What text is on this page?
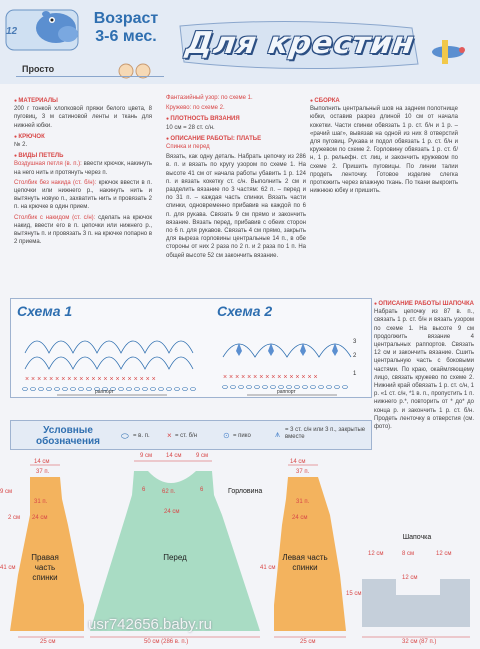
12
Возраст
3-6 мес. Для крестин
Просто
● МАТЕРИАЛЫ

200 г тонкой хлопковой пряжи белого цвета, 8 пуговиц, 3 м сатиновой ленты и ткань для нижней юбки.

● КРЮЧОК

№ 2.

● ВИДЫ ПЕТЕЛЬ

Воздушная петля (в. п.): ввести крючок, накинуть на него нить и протянуть через п.

Столбик без накида (ст. б/н): крючок ввести в п. цепочки или нижнего р., накинуть нить и вытянуть новую п., захватить нить и провязать 2 п. на крючке в один прием.

Столбик с накидом (ст. с/н): сделать на крючок накид, ввести его в п. цепочки или нижнего р., вытянуть п. и провязать 3 п. на крючке попарно в 2 приема.

Фантазийный узор: по схеме 1.

Кружево: по схеме 2.

● ПЛОТНОСТЬ ВЯЗАНИЯ

10 см = 28 ст. с/н.

● ОПИСАНИЕ РАБОТЫ: ПЛАТЬЕ

Спинка и перед

Вязать, как одну деталь. Набрать цепочку из 286 в. п. и вязать по кругу узором по схеме 1. На высоте 41 см от начала работы убавить 1 р. 124 п. и вязать кокетку ст. с/н. Выполнить 2 см и разделить вязание по 3 частям: 62 п. – перед и по 31 п. – каждая часть спинки. Вязать части спинки, одновременно прибавив на каждой по 6 п. для рукава. Связать 9 см прямо и закончить вязание. Вязать перед, прибавив с обеих сторон по 6 п. для рукавов. Связать 4 см прямо, закрыть для выреза горловины центральные 14 п., в обе стороны от них 2 раза по 2 п. и 2 раза по 1 п. На общей высоте 52 см закончить вязание.

● СБОРКА

Выполнить центральный шов на заднем полотнище юбки, оставив разрез длиной 10 см от начала кокетки. Части спинки обвязать 1 р. ст. б/н и 1 р. – «рачий шаг», вывязав на одной из них 8 отверстий для пуговиц. Рукава и подол обвязать 1 р. ст. б/н и кружевом по схеме 2. Горловину обвязать 1 р. ст. б/н, 1 р. рельефн. ст. лиц. и закончить кружевом по схеме 2. Пришить пуговицы. По линии талии продеть ленточку. Готовое изделие слегка протюжить через влажную ткань. По ткани выкроить нижнюю юбку и пришить.

Схема 1	Схема 2
× × × × × × × × × × × × × × × × × × × × × ×
раппорт
× × × × × × × × × × × × × × × ×
3
2
1
раппорт
Условные обозначения	⬭ = в. п. × = ст. б/н	⊙ = пико	⩚ = 3 ст. с/н или 3 п., закрытые вместе
● ОПИСАНИЕ РАБОТЫ ШАПОЧКА

Набрать цепочку из 87 в. п., связать 1 р. ст. б/н и вязать узором по схеме 1. На высоте 9 см продолжить вязание 4 центральных раппортов. Связать 12 см и закончить вязание. Сшить центральную часть с боковыми частями. По краю, окаймляющему лицо, связать кружево по схеме 2. Нижний край обвязать 1 р. ст. с/н, 1 р. «1 ст. с/н, *1 в. п., пропустить 1 п. нижнего р.*, повторить от * до* до конца р. и закончить 1 р. ст. б/н. Продеть ленточку в отверстия (см. фото).

14 см
37 п.
9 см
31 п.
2 см 24 см
41 см
25 см
9 см 14 см 9 см
6	62 п.	6
24 см
41 см
50 см (286 в. п.)
Горловина
14 см
37 п.
31 п.
24 см
25 см
Правая часть спинки
Перед	Левая часть спинки
Шапочка
12 см	8 см	12 см
12 см
15 см
32 см (87 п.)
usr742656.baby.ru
